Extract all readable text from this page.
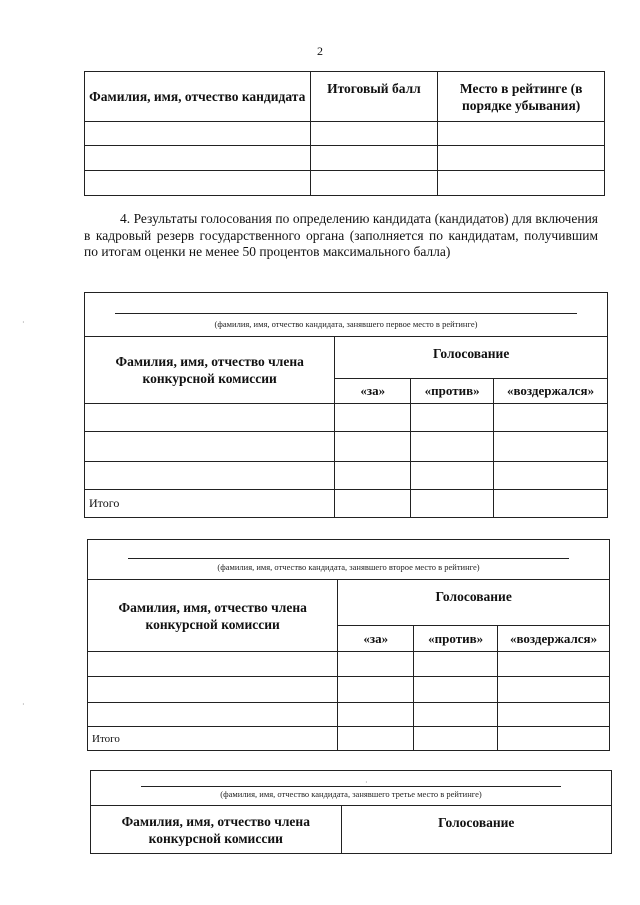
2
Фамилия, имя, отчество кандидата	Итоговый балл	Место в рейтинге (в порядке убывания)

4. Результаты голосования по определению кандидата (кандидатов) для включения в кадровый резерв государственного органа (заполняется по кандидатам, получившим по итогам оценки не менее 50 процентов максимального балла)
(фамилия, имя, отчество кандидата, занявшего первое место в рейтинге)			

Фамилия, имя, отчество члена конкурсной комиссии	Голосование		
	«за»	«против»	«воздержался»

Итого			
(фамилия, имя, отчество кандидата, занявшего второе место в рейтинге)			

Фамилия, имя, отчество члена конкурсной комиссии	Голосование		
	«за»	«против»	«воздержался»

Итого			
(фамилия, имя, отчество кандидата, занявшего третье место в рейтинге)

Фамилия, имя, отчество члена конкурсной комиссии	Голосование
·
·
·
